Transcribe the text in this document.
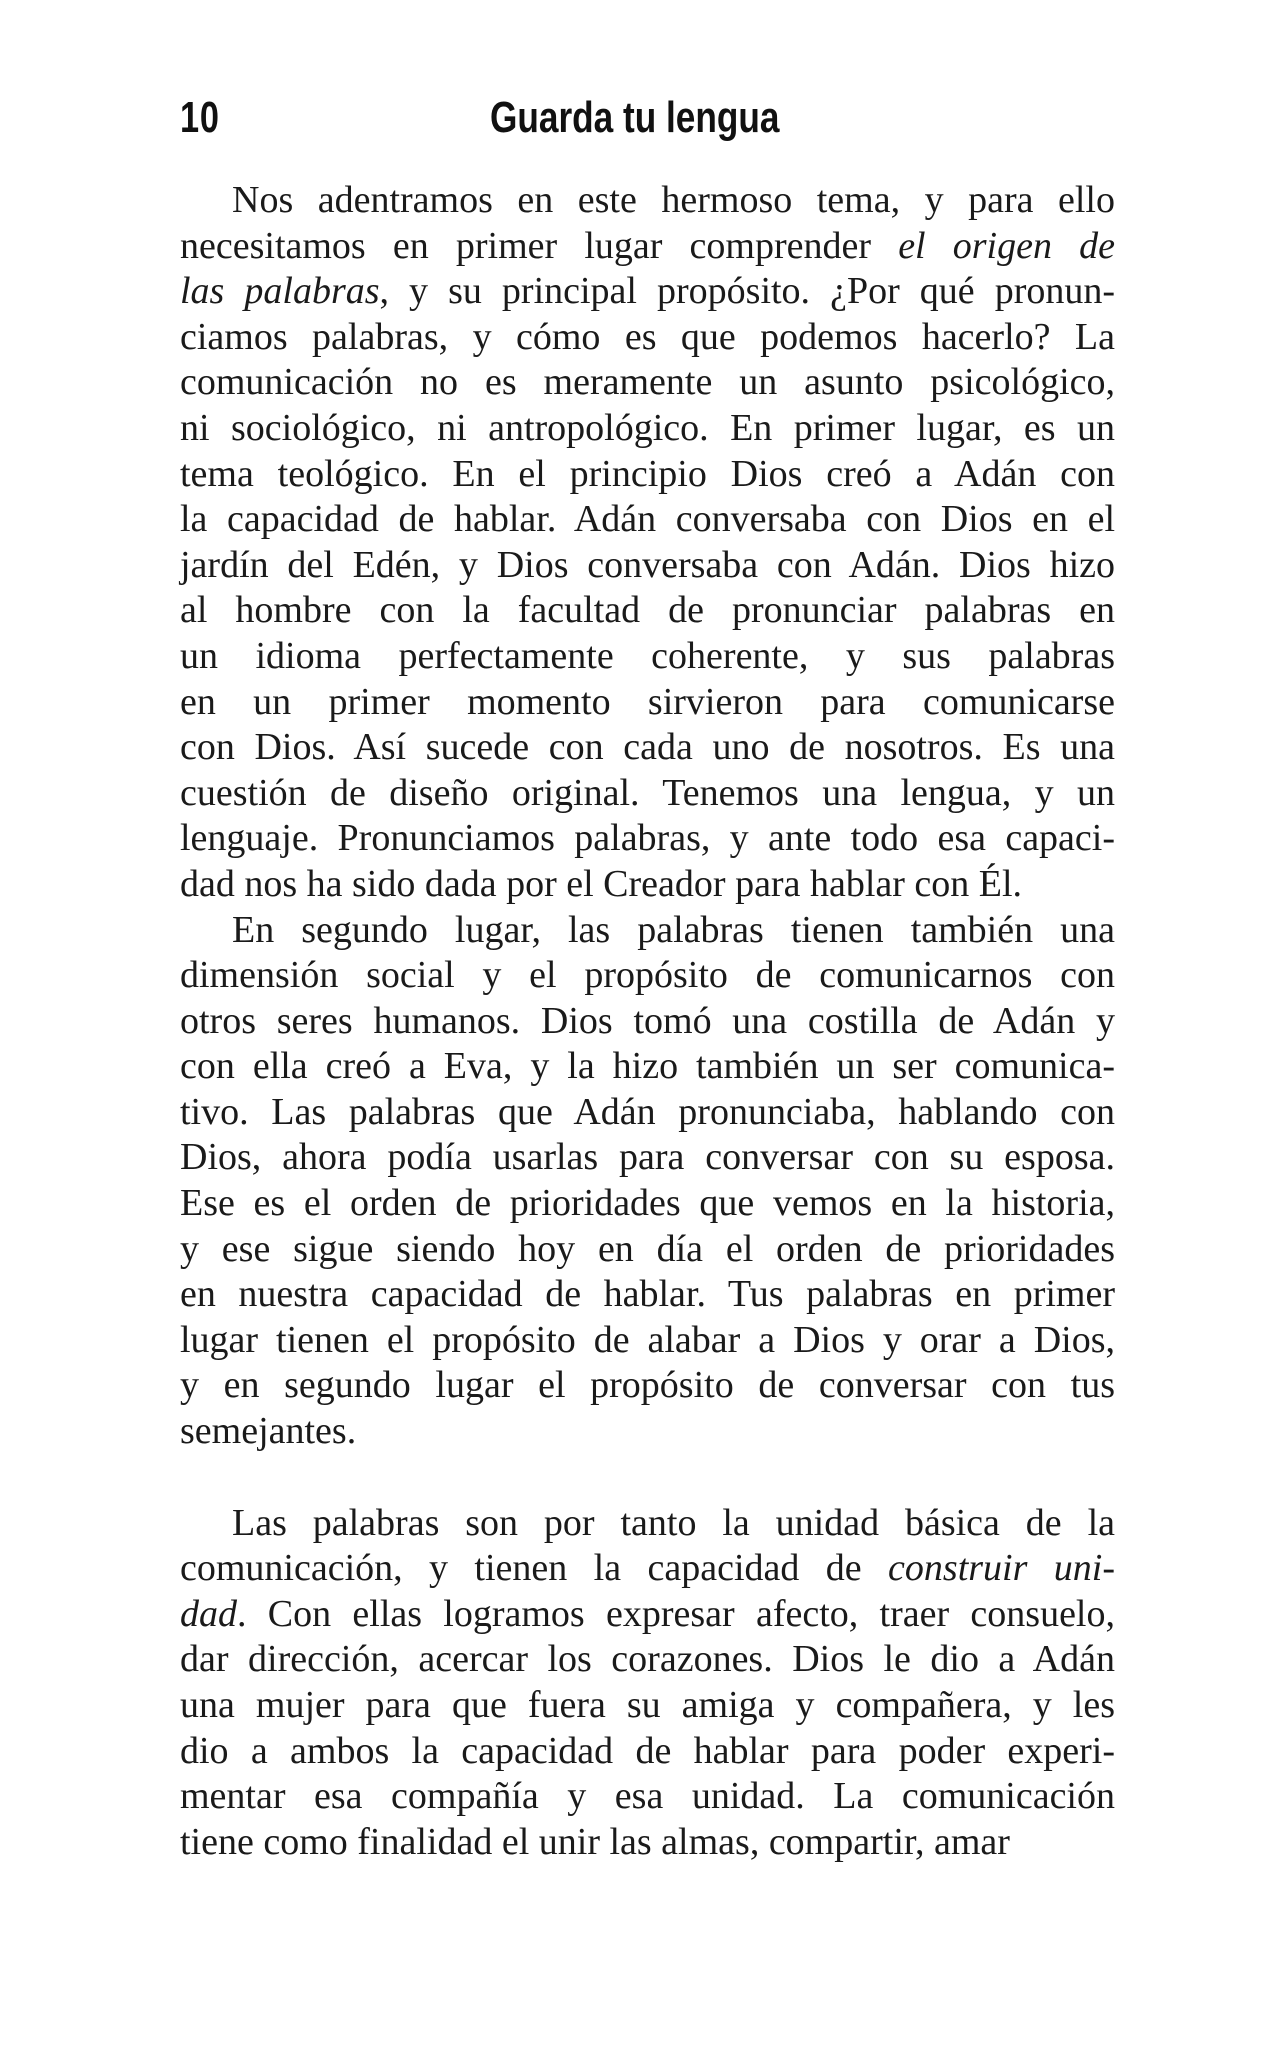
10	Guarda tu lengua
Nos adentramos en este hermoso tema, y para ello
necesitamos en primer lugar comprender el origen de
las palabras, y su principal propósito. ¿Por qué pronun-
ciamos palabras, y cómo es que podemos hacerlo? La
comunicación no es meramente un asunto psicológico,
ni sociológico, ni antropológico. En primer lugar, es un
tema teológico. En el principio Dios creó a Adán con
la capacidad de hablar. Adán conversaba con Dios en el
jardín del Edén, y Dios conversaba con Adán. Dios hizo
al hombre con la facultad de pronunciar palabras en
un idioma perfectamente coherente, y sus palabras
en un primer momento sirvieron para comunicarse
con Dios. Así sucede con cada uno de nosotros. Es una
cuestión de diseño original. Tenemos una lengua, y un
lenguaje. Pronunciamos palabras, y ante todo esa capaci-
dad nos ha sido dada por el Creador para hablar con Él.
En segundo lugar, las palabras tienen también una
dimensión social y el propósito de comunicarnos con
otros seres humanos. Dios tomó una costilla de Adán y
con ella creó a Eva, y la hizo también un ser comunica-
tivo. Las palabras que Adán pronunciaba, hablando con
Dios, ahora podía usarlas para conversar con su esposa.
Ese es el orden de prioridades que vemos en la historia,
y ese sigue siendo hoy en día el orden de prioridades
en nuestra capacidad de hablar. Tus palabras en primer
lugar tienen el propósito de alabar a Dios y orar a Dios,
y en segundo lugar el propósito de conversar con tus
semejantes.
Las palabras son por tanto la unidad básica de la
comunicación, y tienen la capacidad de construir uni-
dad. Con ellas logramos expresar afecto, traer consuelo,
dar dirección, acercar los corazones. Dios le dio a Adán
una mujer para que fuera su amiga y compañera, y les
dio a ambos la capacidad de hablar para poder experi-
mentar esa compañía y esa unidad. La comunicación
tiene como finalidad el unir las almas, compartir, amar
